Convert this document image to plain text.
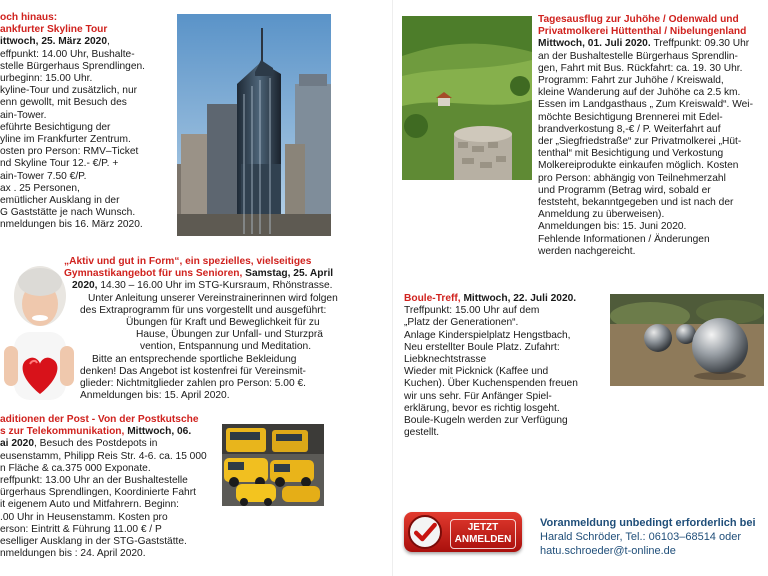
och hinaus:
ankfurter Skyline Tour
ittwoch, 25. März 2020,
effpunkt: 14.00 Uhr, Bushalte-
stelle Bürgerhaus Sprendlingen.
urbeginn: 15.00 Uhr.
kyline-Tour und zusätzlich, nur
enn gewollt, mit Besuch des
ain-Tower.
eführte Besichtigung der
yline im Frankfurter Zentrum.
osten pro Person: RMV–Ticket
nd Skyline Tour 12.- €/P. +
ain-Tower 7.50 €/P.
ax . 25 Personen,
emütlicher Ausklang in der
G Gaststätte je nach Wunsch.
nmeldungen bis 16. März 2020.
„Aktiv und gut in Form“, ein spezielles, vielseitiges
Gymnastikangebot für uns Senioren, Samstag, 25. April
2020, 14.30 – 16.00 Uhr im STG-Kursraum, Rhönstrasse.
Unter Anleitung unserer Vereinstrainerinnen wird folgen
des Extraprogramm für uns vorgestellt und ausgeführt:
Übungen für Kraft und Beweglichkeit für zu
Hause, Übungen zur Unfall- und Sturzprä
vention, Entspannung und Meditation.
Bitte an entsprechende sportliche Bekleidung
denken! Das Angebot ist kostenfrei für Vereinsmit-
glieder: Nichtmitglieder zahlen pro Person: 5.00 €.
Anmeldungen bis: 15. April 2020.
aditionen der Post - Von der Postkutsche
s zur Telekommunikation, Mittwoch, 06.
ai 2020, Besuch des Postdepots in
eusenstamm, Philipp Reis Str. 4-6. ca. 15 000
n Fläche & ca.375 000 Exponate.
reffpunkt: 13.00 Uhr an der Bushaltestelle
ürgerhaus Sprendlingen, Koordinierte Fahrt
it eigenem Auto und Mitfahrern. Beginn:
.00 Uhr in Heusenstamm. Kosten pro
erson: Eintritt & Führung 11.00 € / P
eselliger Ausklang in der STG-Gaststätte.
nmeldungen bis : 24. April 2020.
Tagesausflug zur Juhöhe / Odenwald und
Privatmolkerei Hüttenthal / Nibelungenland
Mittwoch, 01. Juli 2020. Treffpunkt: 09.30 Uhr
an der Bushaltestelle Bürgerhaus Sprendlin-
gen, Fahrt mit Bus. Rückfahrt: ca. 19. 30 Uhr.
Programm: Fahrt zur Juhöhe / Kreiswald,
kleine Wanderung auf der Juhöhe ca 2.5 km.
Essen im Landgasthaus „ Zum Kreiswald“. Wei-
möchte Besichtigung Brennerei mit Edel-
brandverkostung 8,-€ / P. Weiterfahrt auf
der „Siegfriedstraße“ zur Privatmolkerei „Hüt-
tenthal“ mit Besichtigung und Verkostung
Molkereiprodukte einkaufen möglich. Kosten
pro Person: abhängig von Teilnehmerzahl
und Programm (Betrag wird, sobald er
feststeht, bekanntgegeben und ist nach der
Anmeldung zu überweisen).
Anmeldungen bis: 15. Juni 2020.
Fehlende Informationen / Änderungen
werden nachgereicht.
Boule-Treff, Mittwoch, 22. Juli 2020.
Treffpunkt: 15.00 Uhr auf dem
„Platz der Generationen“.
Anlage Kinderspielplatz Hengstbach,
Neu erstellter Boule Platz. Zufahrt:
Liebknechtstrasse
Wieder mit Picknick (Kaffee und
Kuchen). Über Kuchenspenden freuen
wir uns sehr. Für Anfänger Spiel-
erklärung, bevor es richtig losgeht.
Boule-Kugeln werden zur Verfügung
gestellt.
JETZT
ANMELDEN
Voranmeldung unbedingt erforderlich bei
Harald Schröder, Tel.: 06103–68514 oder
hatu.schroeder@t-online.de
